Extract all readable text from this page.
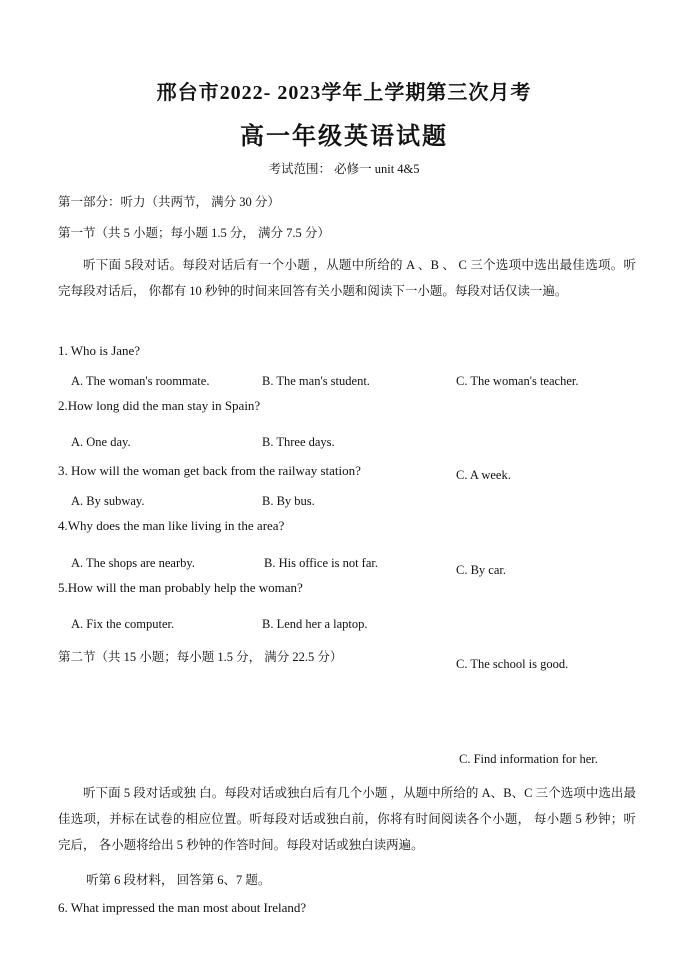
邢台市2022- 2023学年上学期第三次月考
高一年级英语试题
考试范围： 必修一 unit 4&5
第一部分：听力（共两节， 满分 30 分）
第一节（共 5 小题；每小题 1.5 分， 满分 7.5 分）
听下面 5段对话。每段对话后有一个小题 ，从题中所给的 A 、B 、 C 三个选项中选出最佳选项。听完每段对话后， 你都有 10 秒钟的时间来回答有关小题和阅读下一小题。每段对话仅读一遍。
1. Who is Jane?
A. The woman's roommate.	B. The man's student.	C. The woman's teacher.
2.How long did the man stay in Spain?
A. One day.	B. Three days.
C. A week.
3. How will the woman get back from the railway station?
A. By subway.	B. By bus.
C. By car.
4.Why does the man like living in the area?
A. The shops are nearby.	B. His office is not far.
C. The school is good.
5.How will the man probably help the woman?
A. Fix the computer.	B. Lend her a laptop.
C. Find information for her.
第二节（共 15 小题；每小题 1.5 分， 满分 22.5 分）
听下面 5 段对话或独 白。每段对话或独白后有几个小题 ，从题中所给的 A、B、C 三个选项中选出最佳选项，并标在试卷的相应位置。听每段对话或独白前，你将有时间阅读各个小题， 每小题 5 秒钟；听完后， 各小题将给出 5 秒钟的作答时间。每段对话或独白读两遍。
听第 6 段材料， 回答第 6、7 题。
6. What impressed the man most about Ireland?
